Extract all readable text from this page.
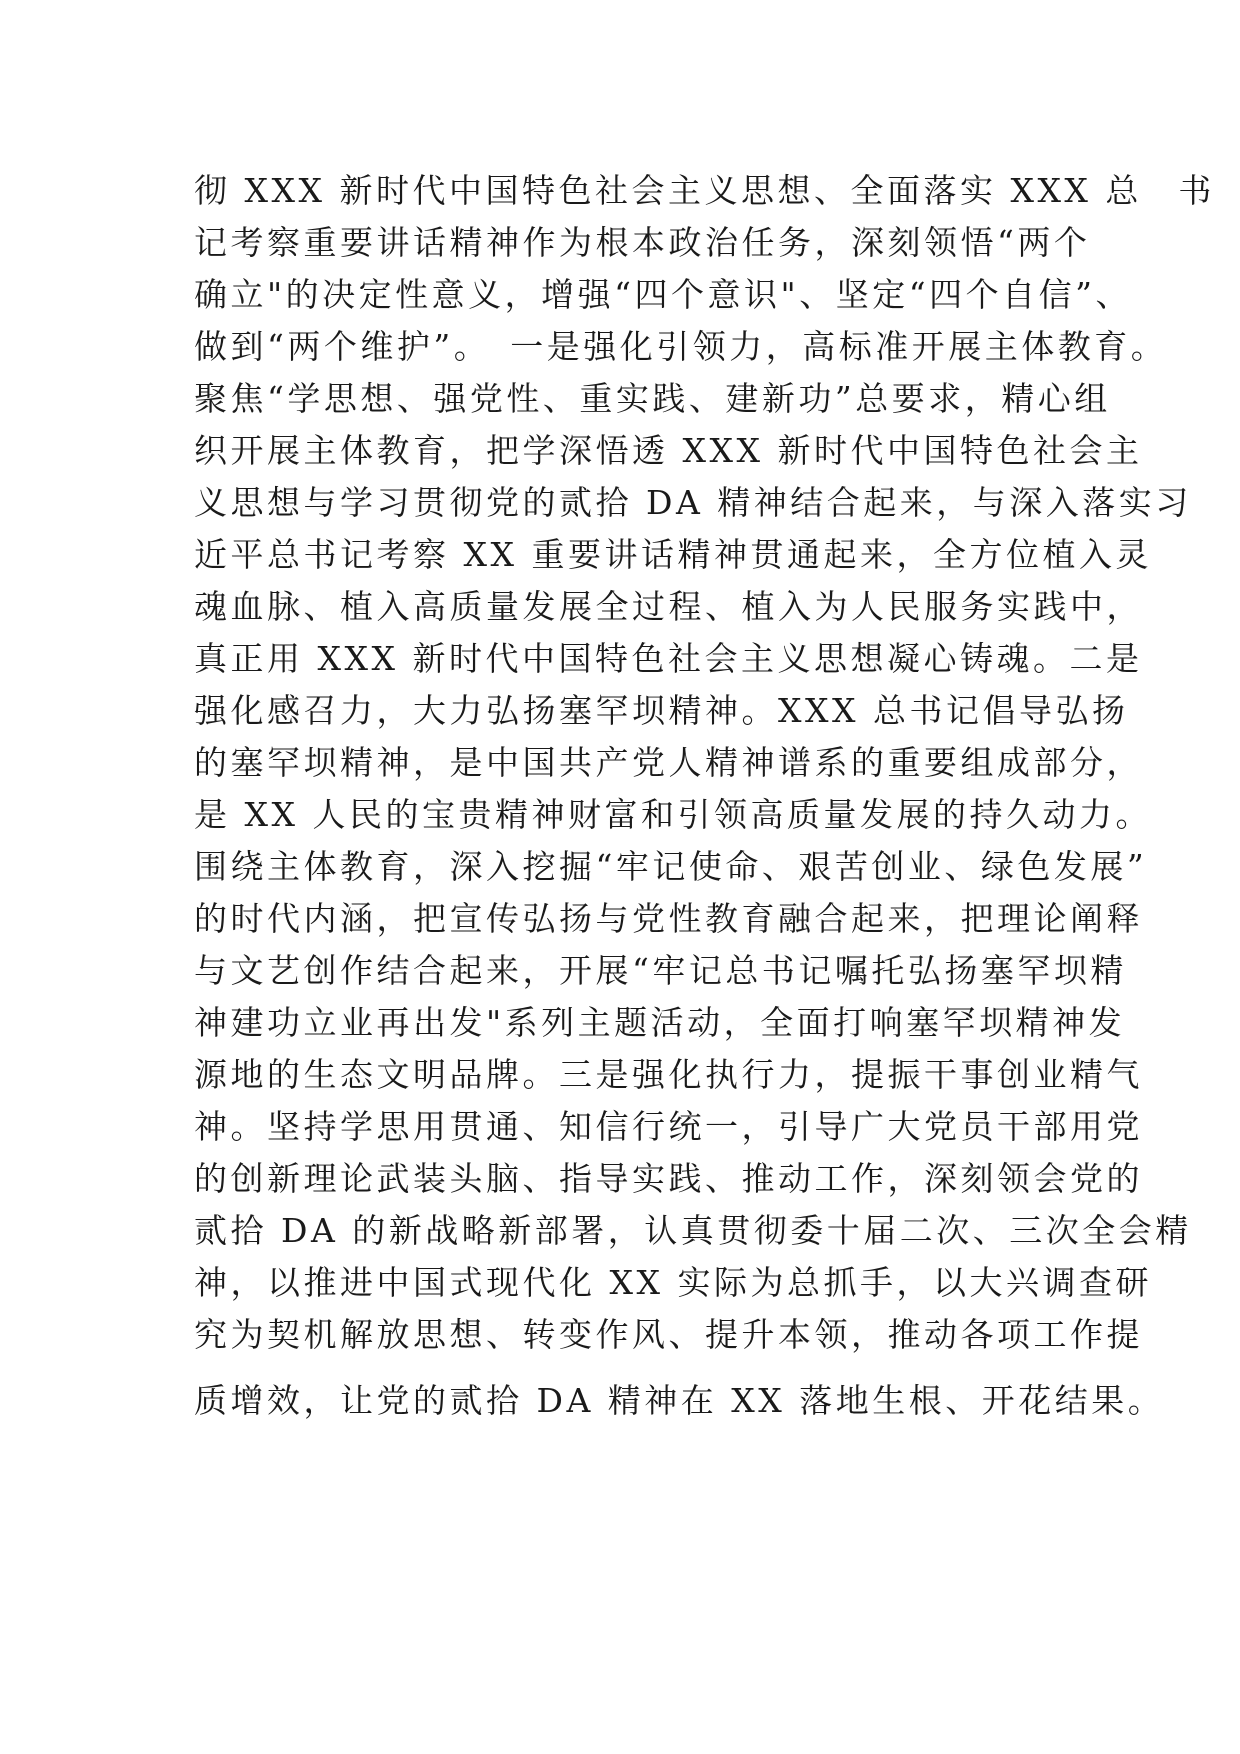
彻 XXX 新时代中国特色社会主义思想、全面落实 XXX 总　书
记考察重要讲话精神作为根本政治任务，深刻领悟“两个
确立"的决定性意义，增强“四个意识"、坚定“四个自信”、
做到“两个维护”。　一是强化引领力，高标准开展主体教育。
聚焦“学思想、强党性、重实践、建新功”总要求，精心组
织开展主体教育，把学深悟透 XXX 新时代中国特色社会主
义思想与学习贯彻党的贰拾 DA 精神结合起来，与深入落实习
近平总书记考察 XX 重要讲话精神贯通起来，全方位植入灵
魂血脉、植入高质量发展全过程、植入为人民服务实践中，
真正用 XXX 新时代中国特色社会主义思想凝心铸魂。二是
强化感召力，大力弘扬塞罕坝精神。XXX 总书记倡导弘扬
的塞罕坝精神，是中国共产党人精神谱系的重要组成部分，
是 XX 人民的宝贵精神财富和引领高质量发展的持久动力。
围绕主体教育，深入挖掘“牢记使命、艰苦创业、绿色发展”
的时代内涵，把宣传弘扬与党性教育融合起来，把理论阐释
与文艺创作结合起来，开展“牢记总书记嘱托弘扬塞罕坝精
神建功立业再出发"系列主题活动，全面打响塞罕坝精神发
源地的生态文明品牌。三是强化执行力，提振干事创业精气
神。坚持学思用贯通、知信行统一，引导广大党员干部用党
的创新理论武装头脑、指导实践、推动工作，深刻领会党的
贰拾 DA 的新战略新部署，认真贯彻委十届二次、三次全会精
神，以推进中国式现代化 XX 实际为总抓手，以大兴调查研
究为契机解放思想、转变作风、提升本领，推动各项工作提
质增效，让党的贰拾 DA 精神在 XX 落地生根、开花结果。
